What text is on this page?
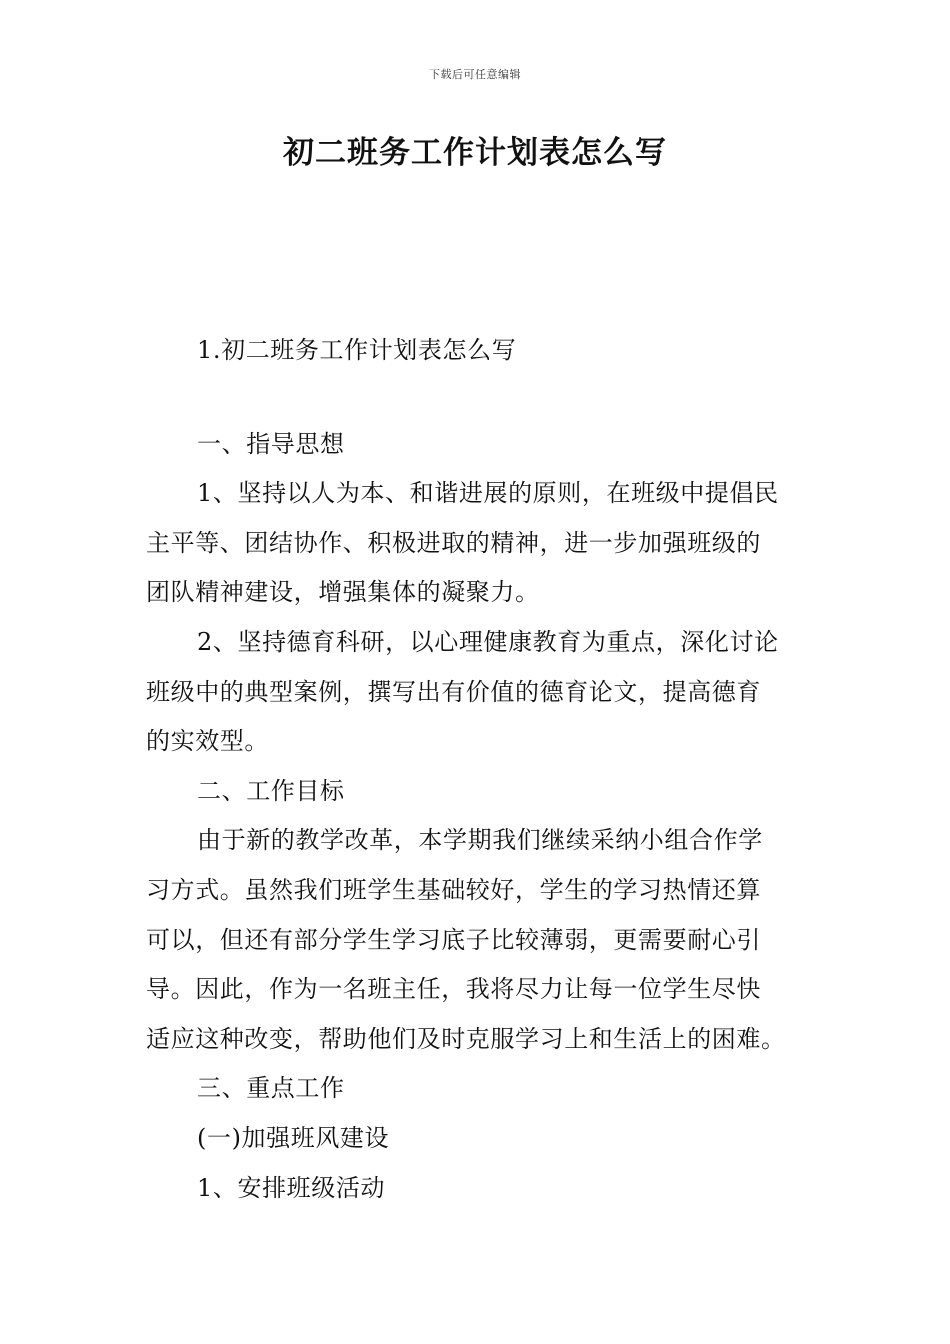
下载后可任意编辑
初二班务工作计划表怎么写

1.初二班务工作计划表怎么写

一、指导思想

1、坚持以人为本、和谐进展的原则，在班级中提倡民

主平等、团结协作、积极进取的精神，进一步加强班级的

团队精神建设，增强集体的凝聚力。

2、坚持德育科研，以心理健康教育为重点，深化讨论

班级中的典型案例，撰写出有价值的德育论文，提高德育

的实效型。

二、工作目标

由于新的教学改革，本学期我们继续采纳小组合作学

习方式。虽然我们班学生基础较好，学生的学习热情还算

可以，但还有部分学生学习底子比较薄弱，更需要耐心引

导。因此，作为一名班主任，我将尽力让每一位学生尽快

适应这种改变，帮助他们及时克服学习上和生活上的困难。

三、重点工作

(一)加强班风建设

1、安排班级活动
